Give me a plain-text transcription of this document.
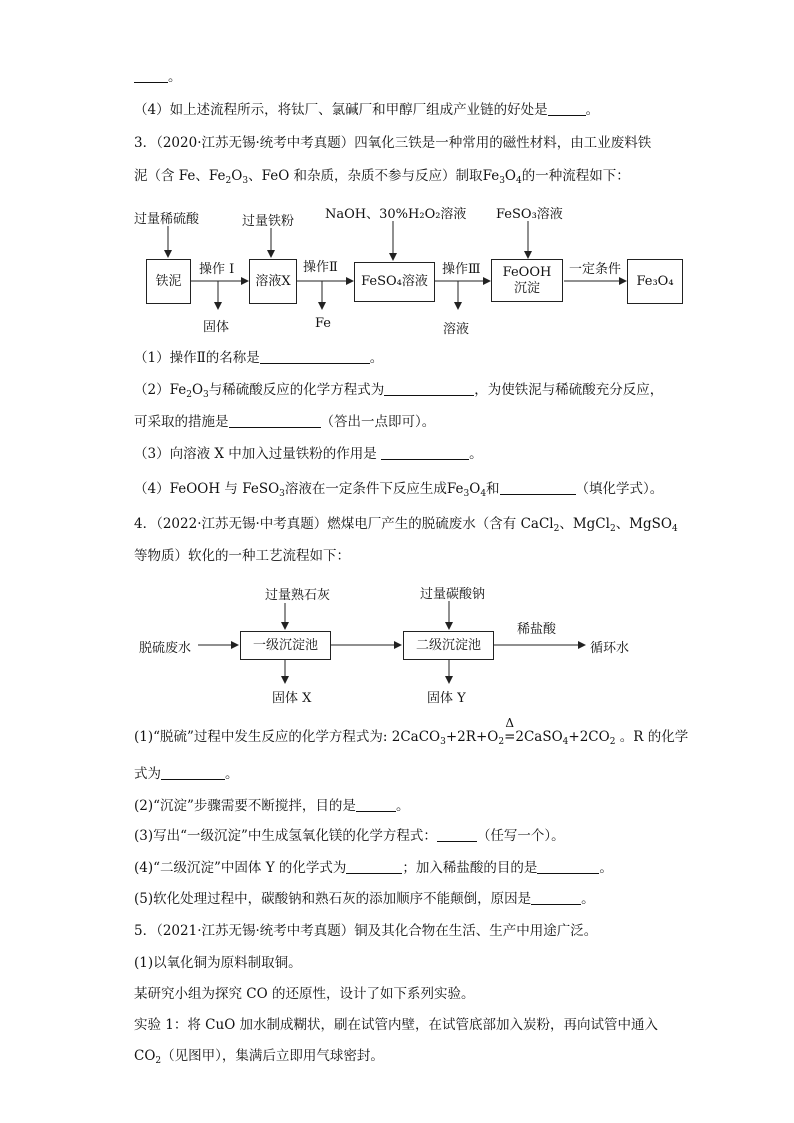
。
（4）如上述流程所示，将钛厂、氯碱厂和甲醇厂组成产业链的好处是	。
3．（2020·江苏无锡·统考中考真题）四氧化三铁是一种常用的磁性材料，由工业废料铁
泥（含 Fe、$Fe_2O_3$、FeO 和杂质，杂质不参与反应）制取$Fe_3O_4$的一种流程如下：
过量稀硫酸	过量铁粉 NaOH、30%H₂O₂溶液 FeSO₃溶液
铁泥	溶液X	FeSO₄溶液
FeOOH 沉淀	Fe₃O₄
操作 I	操作Ⅱ	操作Ⅲ	一定条件
固体	Fe	溶液
（1）操作Ⅱ的名称是	。
$(2)Fe_2O_3$与稀硫酸反应的化学方程式为	，为使铁泥与稀硫酸充分反应，
可采取的措施是	（答出一点即可）。
（3）向溶液 X 中加入过量铁粉的作用是	。
（4）FeOOH 与 FeSO$_3$溶液在一定条件下反应生成$Fe_3O_4$和	（填化学式）。
4．（2022·江苏无锡·中考真题）燃煤电厂产生的脱硫废水（含有 CaCl$_2$、MgCl$_2$、MgSO$_4$
等物质）软化的一种工艺流程如下：
过量熟石灰	过量碳酸钠
脱硫废水	一级沉淀池	二级沉淀池
稀盐酸
循环水
固体 X	固体 Y
(1)“脱硫”过程中发生反应的化学方程式为: $2CaCO_3+2R+O_2$
Δ
$=2CaSO_4+2CO_2$ 。R 的化学
式为	。
(2)“沉淀”步骤需要不断搅拌，目的是	。
(3)写出“一级沉淀”中生成氢氧化镁的化学方程式：	（任写一个）。
(4)“二级沉淀”中固体 Y 的化学式为	；加入稀盐酸的目的是	。
(5)软化处理过程中，碳酸钠和熟石灰的添加顺序不能颠倒，原因是	。
5．（2021·江苏无锡·统考中考真题）铜及其化合物在生活、生产中用途广泛。
(1)以氧化铜为原料制取铜。
某研究小组为探究 CO 的还原性，设计了如下系列实验。
实验 1：将 CuO 加水制成糊状，刷在试管内壁，在试管底部加入炭粉，再向试管中通入
$CO_2$（见图甲），集满后立即用气球密封。
